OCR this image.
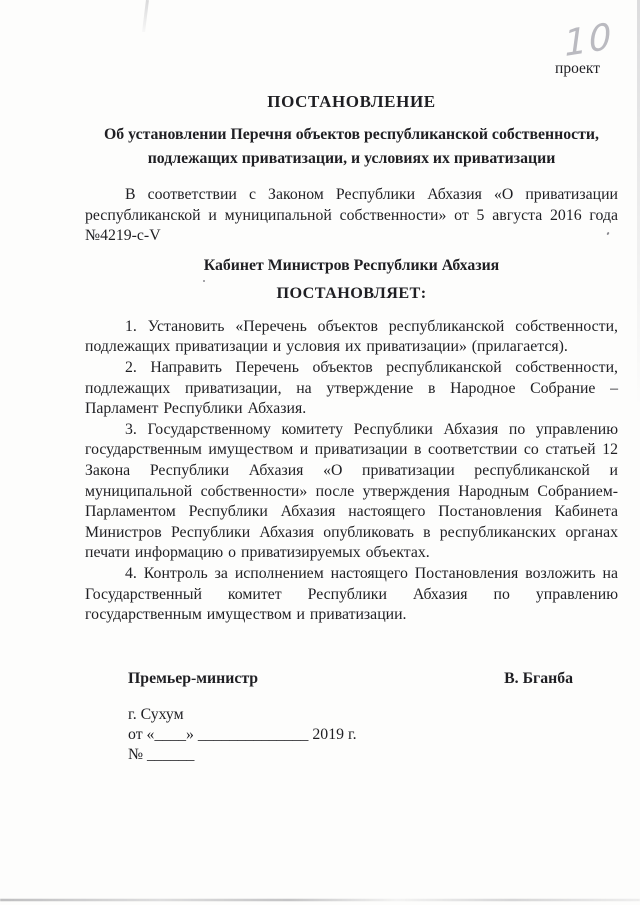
10
проект
ПОСТАНОВЛЕНИЕ
Об установлении Перечня объектов республиканской собственности, подлежащих приватизации, и условиях их приватизации

В соответствии с Законом Республики Абхазия «О приватизации республиканской и муниципальной собственности» от 5 августа 2016 года №4219-с-V

Кабинет Министров Республики Абхазия
ПОСТАНОВЛЯЕТ:

1. Установить «Перечень объектов республиканской собственности, подлежащих приватизации и условия их приватизации» (прилагается).

2. Направить Перечень объектов республиканской собственности, подлежащих приватизации, на утверждение в Народное Собрание – Парламент Республики Абхазия.

3. Государственному комитету Республики Абхазия по управлению государственным имуществом и приватизации в соответствии со статьей 12 Закона Республики Абхазия «О приватизации республиканской и муниципальной собственности» после утверждения Народным Собранием-Парламентом Республики Абхазия настоящего Постановления Кабинета Министров Республики Абхазия опубликовать в республиканских органах печати информацию о приватизируемых объектах.

4. Контроль за исполнением настоящего Постановления возложить на Государственный комитет Республики Абхазия по управлению государственным имуществом и приватизации.

Премьер-министр	В. Бганба
г. Сухум
от «____» ______________ 2019 г.
№ ______
